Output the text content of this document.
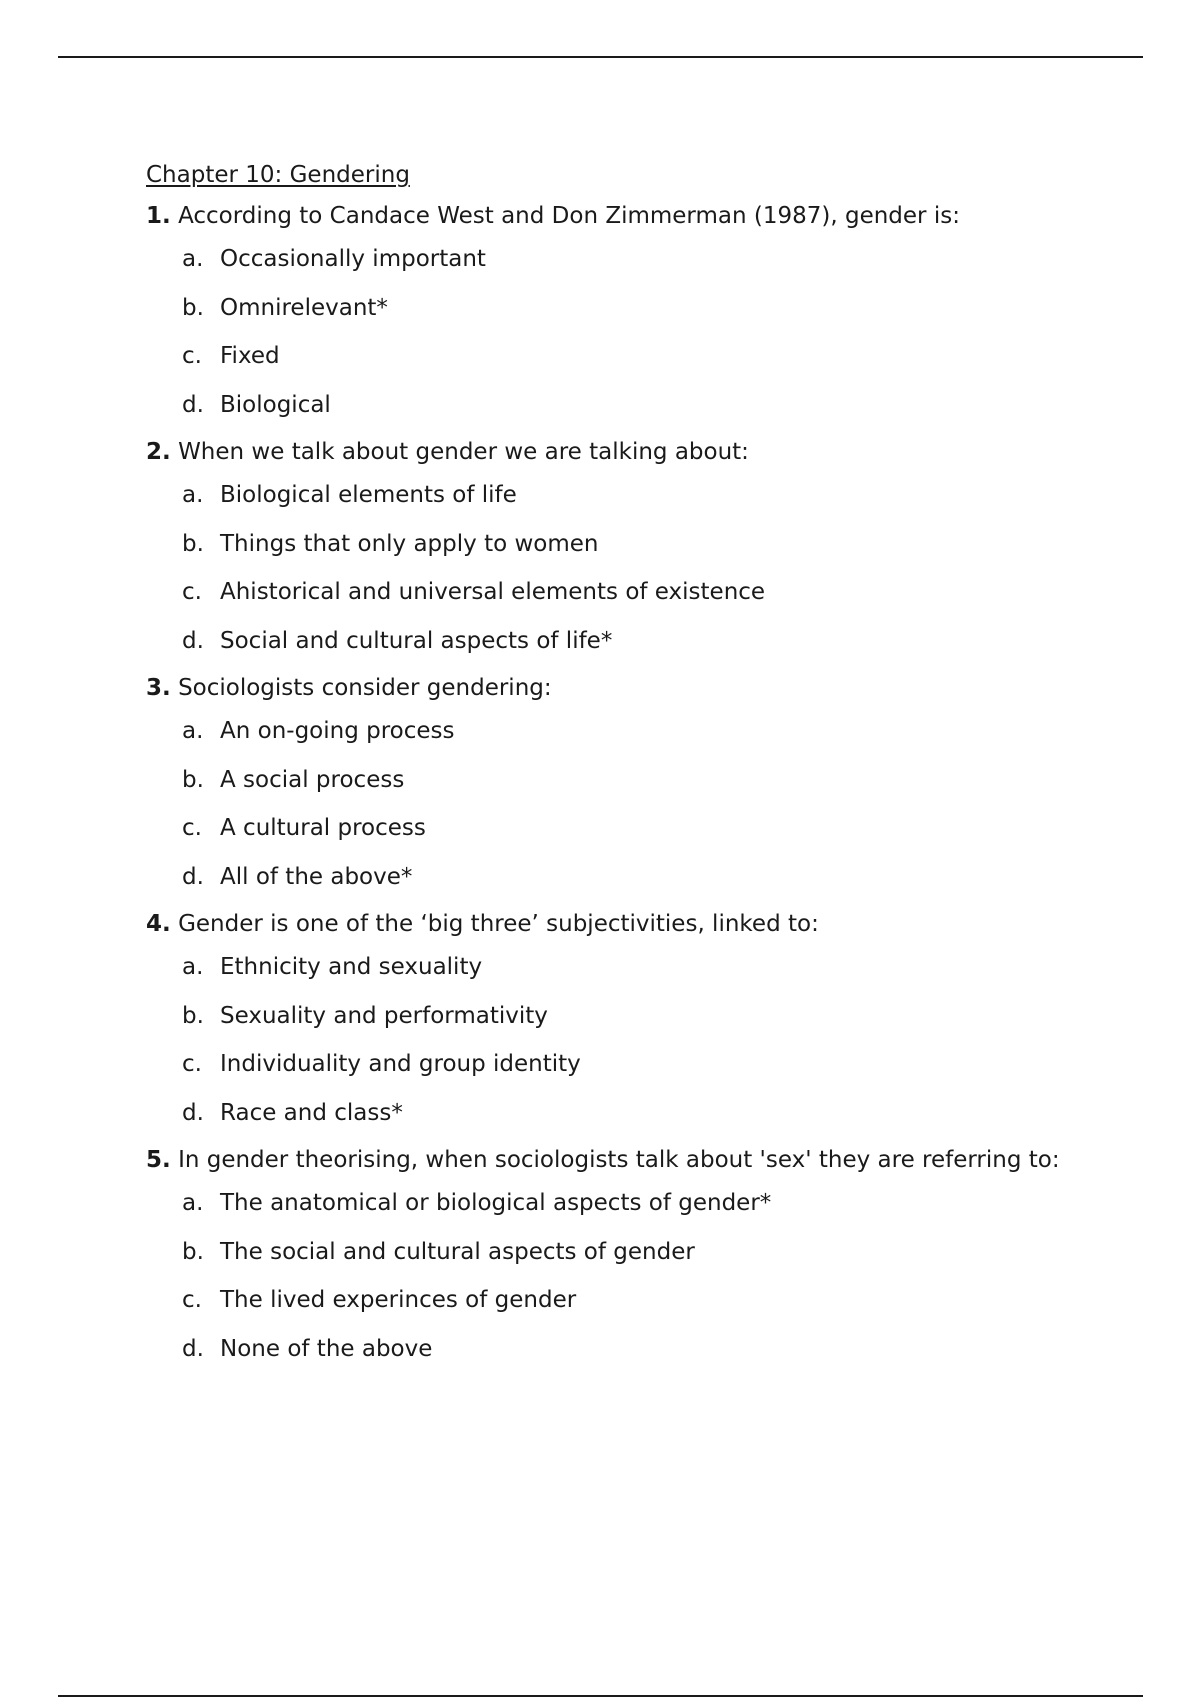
Chapter 10: Gendering
1. According to Candace West and Don Zimmerman (1987), gender is:
a. Occasionally important
b. Omnirelevant*
c. Fixed
d. Biological
2. When we talk about gender we are talking about:
a. Biological elements of life
b. Things that only apply to women
c. Ahistorical and universal elements of existence
d. Social and cultural aspects of life*
3. Sociologists consider gendering:
a. An on-going process
b. A social process
c. A cultural process
d. All of the above*
4. Gender is one of the ‘big three’ subjectivities, linked to:
a. Ethnicity and sexuality
b. Sexuality and performativity
c. Individuality and group identity
d. Race and class*
5. In gender theorising, when sociologists talk about 'sex' they are referring to:
a. The anatomical or biological aspects of gender*
b. The social and cultural aspects of gender
c. The lived experinces of gender
d. None of the above
